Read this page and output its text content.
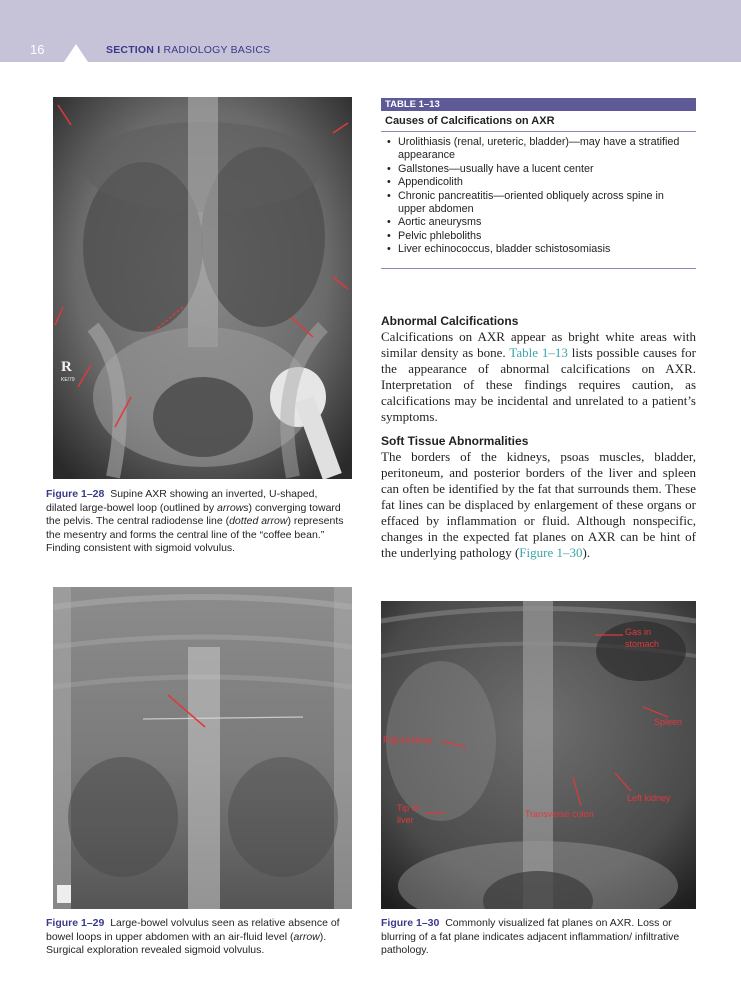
16	SECTION I RADIOLOGY BASICS
R
KE/79
Figure 1–28 Supine AXR showing an inverted, U-shaped, dilated large-bowel loop (outlined by arrows) converging toward the pelvis. The central radiodense line (dotted arrow) represents the mesentry and forms the central line of the “coffee bean.” Finding consistent with sigmoid volvulus.
TABLE 1–13
Causes of Calcifications on AXR
• Urolithiasis (renal, ureteric, bladder)—may have a stratified appearance
• Gallstones—usually have a lucent center
• Appendicolith
• Chronic pancreatitis—oriented obliquely across spine in upper abdomen
• Aortic aneurysms
• Pelvic phleboliths
• Liver echinococcus, bladder schistosomiasis
Abnormal Calcifications
Calcifications on AXR appear as bright white areas with similar density as bone. Table 1–13 lists possible causes for the appearance of abnormal calcifications on AXR. Interpretation of these findings requires caution, as calcifications may be incidental and unrelated to a patient’s symptoms.
Soft Tissue Abnormalities
The borders of the kidneys, psoas muscles, bladder, peritoneum, and posterior borders of the liver and spleen can often be identified by the fat that surrounds them. These fat lines can be displaced by enlargement of these organs or effaced by inflammation or fluid. Although nonspecific, changes in the expected fat planes on AXR can be hint of the underlying pathology (Figure 1–30).
Figure 1–29 Large-bowel volvulus seen as relative absence of bowel loops in upper abdomen with an air-fluid level (arrow). Surgical exploration revealed sigmoid volvulus.
Gas in
stomach
Spleen
Right kidney
Left kidney
Tip of
liver
Transverse colon
Figure 1–30 Commonly visualized fat planes on AXR. Loss or blurring of a fat plane indicates adjacent inflammation/ infiltrative pathology.
